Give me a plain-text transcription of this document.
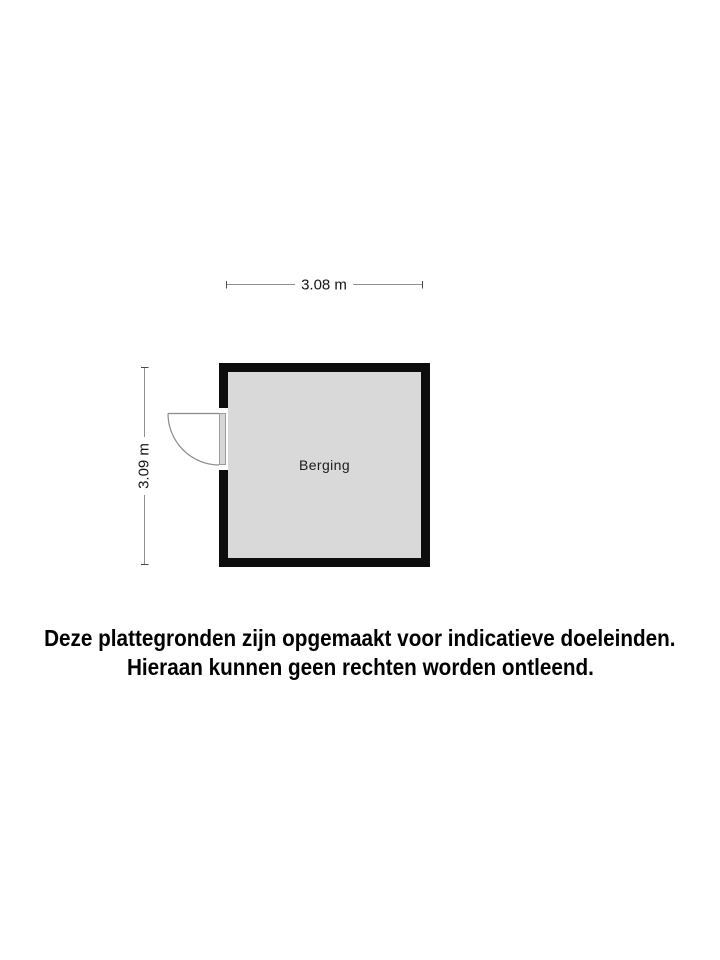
Berging
3.08 m
3.09 m
Deze plattegronden zijn opgemaakt voor indicatieve doeleinden.
Hieraan kunnen geen rechten worden ontleend.
